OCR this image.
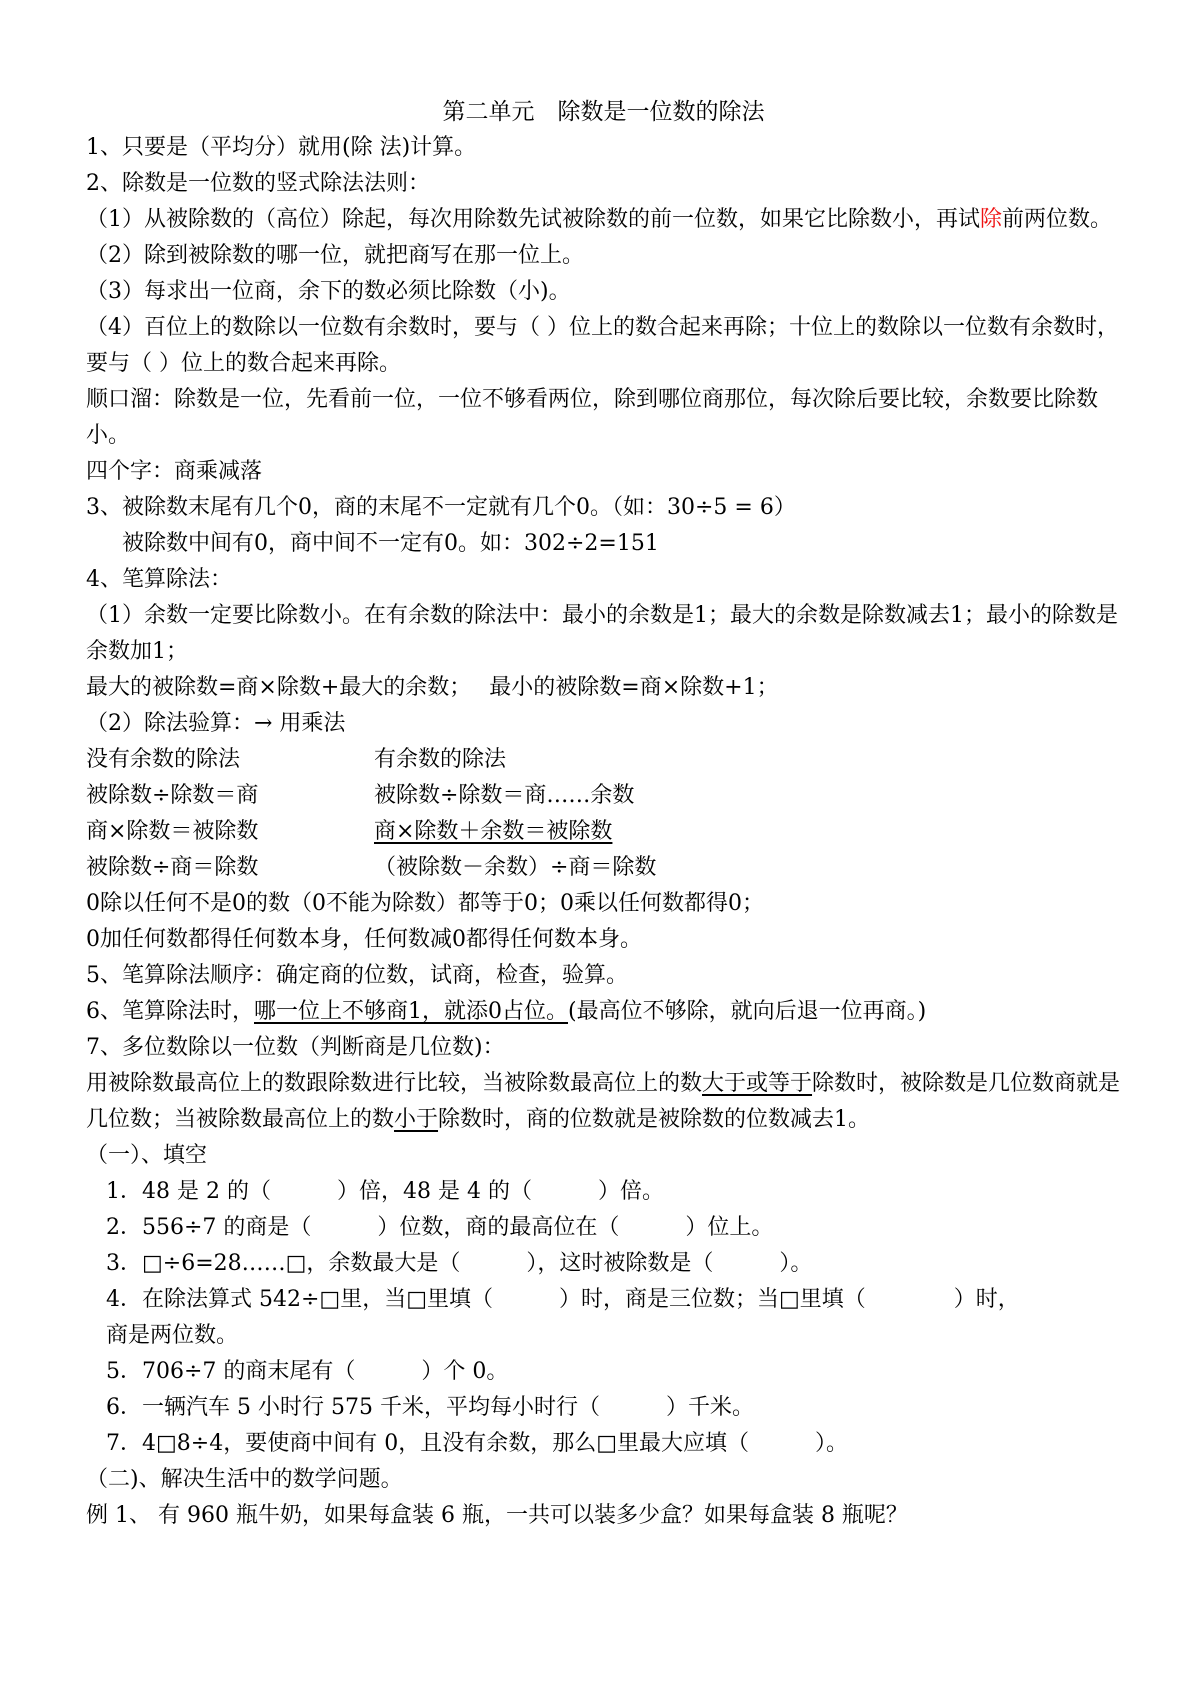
第二单元　除数是一位数的除法

1、只要是（平均分）就用(除 法)计算。

2、除数是一位数的竖式除法法则：

（1）从被除数的（高位）除起，每次用除数先试被除数的前一位数，如果它比除数小，再试除前两位数。

（2）除到被除数的哪一位，就把商写在那一位上。

（3）每求出一位商，余下的数必须比除数（小)。

（4）百位上的数除以一位数有余数时，要与（ ）位上的数合起来再除；十位上的数除以一位数有余数时，要与（ ）位上的数合起来再除。

顺口溜：除数是一位，先看前一位，一位不够看两位，除到哪位商那位，每次除后要比较，余数要比除数小。

四个字：商乘减落

3、被除数末尾有几个0，商的末尾不一定就有几个0。（如：30÷5 = 6）

被除数中间有0，商中间不一定有0。如：302÷2=151

4、笔算除法：

（1）余数一定要比除数小。在有余数的除法中：最小的余数是1；最大的余数是除数减去1；最小的除数是余数加1；

最大的被除数=商×除数+最大的余数；　 最小的被除数=商×除数+1；

（2）除法验算：→ 用乘法

没有余数的除法	有余数的除法
被除数÷除数＝商	被除数÷除数＝商……余数
商×除数＝被除数	商×除数＋余数＝被除数
被除数÷商＝除数	（被除数－余数）÷商＝除数

0除以任何不是0的数（0不能为除数）都等于0；0乘以任何数都得0；

0加任何数都得任何数本身，任何数减0都得任何数本身。

5、笔算除法顺序：确定商的位数，试商，检查，验算。

6、笔算除法时，哪一位上不够商1，就添0占位。(最高位不够除，就向后退一位再商。)

7、多位数除以一位数（判断商是几位数)：

用被除数最高位上的数跟除数进行比较，当被除数最高位上的数大于或等于除数时，被除数是几位数商就是几位数；当被除数最高位上的数小于除数时，商的位数就是被除数的位数减去1。

（一）、填空

1．48 是 2 的（　　　）倍，48 是 4 的（　　　）倍。

2．556÷7 的商是（　　　）位数，商的最高位在（　　　）位上。

3．□÷6=28……□，余数最大是（　　　），这时被除数是（　　　）。

4．在除法算式 542÷□里，当□里填（　　　）时，商是三位数；当□里填（　　　　）时，

商是两位数。

5．706÷7 的商末尾有（　　　）个 0。

6．一辆汽车 5 小时行 575 千米，平均每小时行（　　　）千米。

7．4□8÷4，要使商中间有 0，且没有余数，那么□里最大应填（　　　）。

（二)、解决生活中的数学问题。

例 1、 有 960 瓶牛奶，如果每盒装 6 瓶，一共可以装多少盒？如果每盒装 8 瓶呢？
